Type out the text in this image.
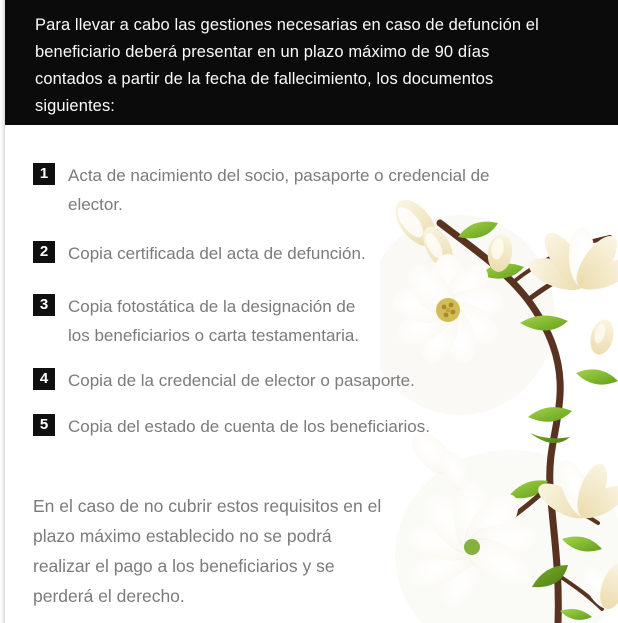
Para llevar a cabo las gestiones necesarias en caso de defunción el
beneficiario deberá presentar en un plazo máximo de 90 días
contados a partir de la fecha de fallecimiento, los documentos
siguientes:
1	Acta de nacimiento del socio, pasaporte o credencial de
elector.
2	Copia certificada del acta de defunción.
3	Copia fotostática de la designación de
los beneficiarios o carta testamentaria.
4	Copia de la credencial de elector o pasaporte.
5	Copia del estado de cuenta de los beneficiarios.
En el caso de no cubrir estos requisitos en el
plazo máximo establecido no se podrá
realizar el pago a los beneficiarios y se
perderá el derecho.
